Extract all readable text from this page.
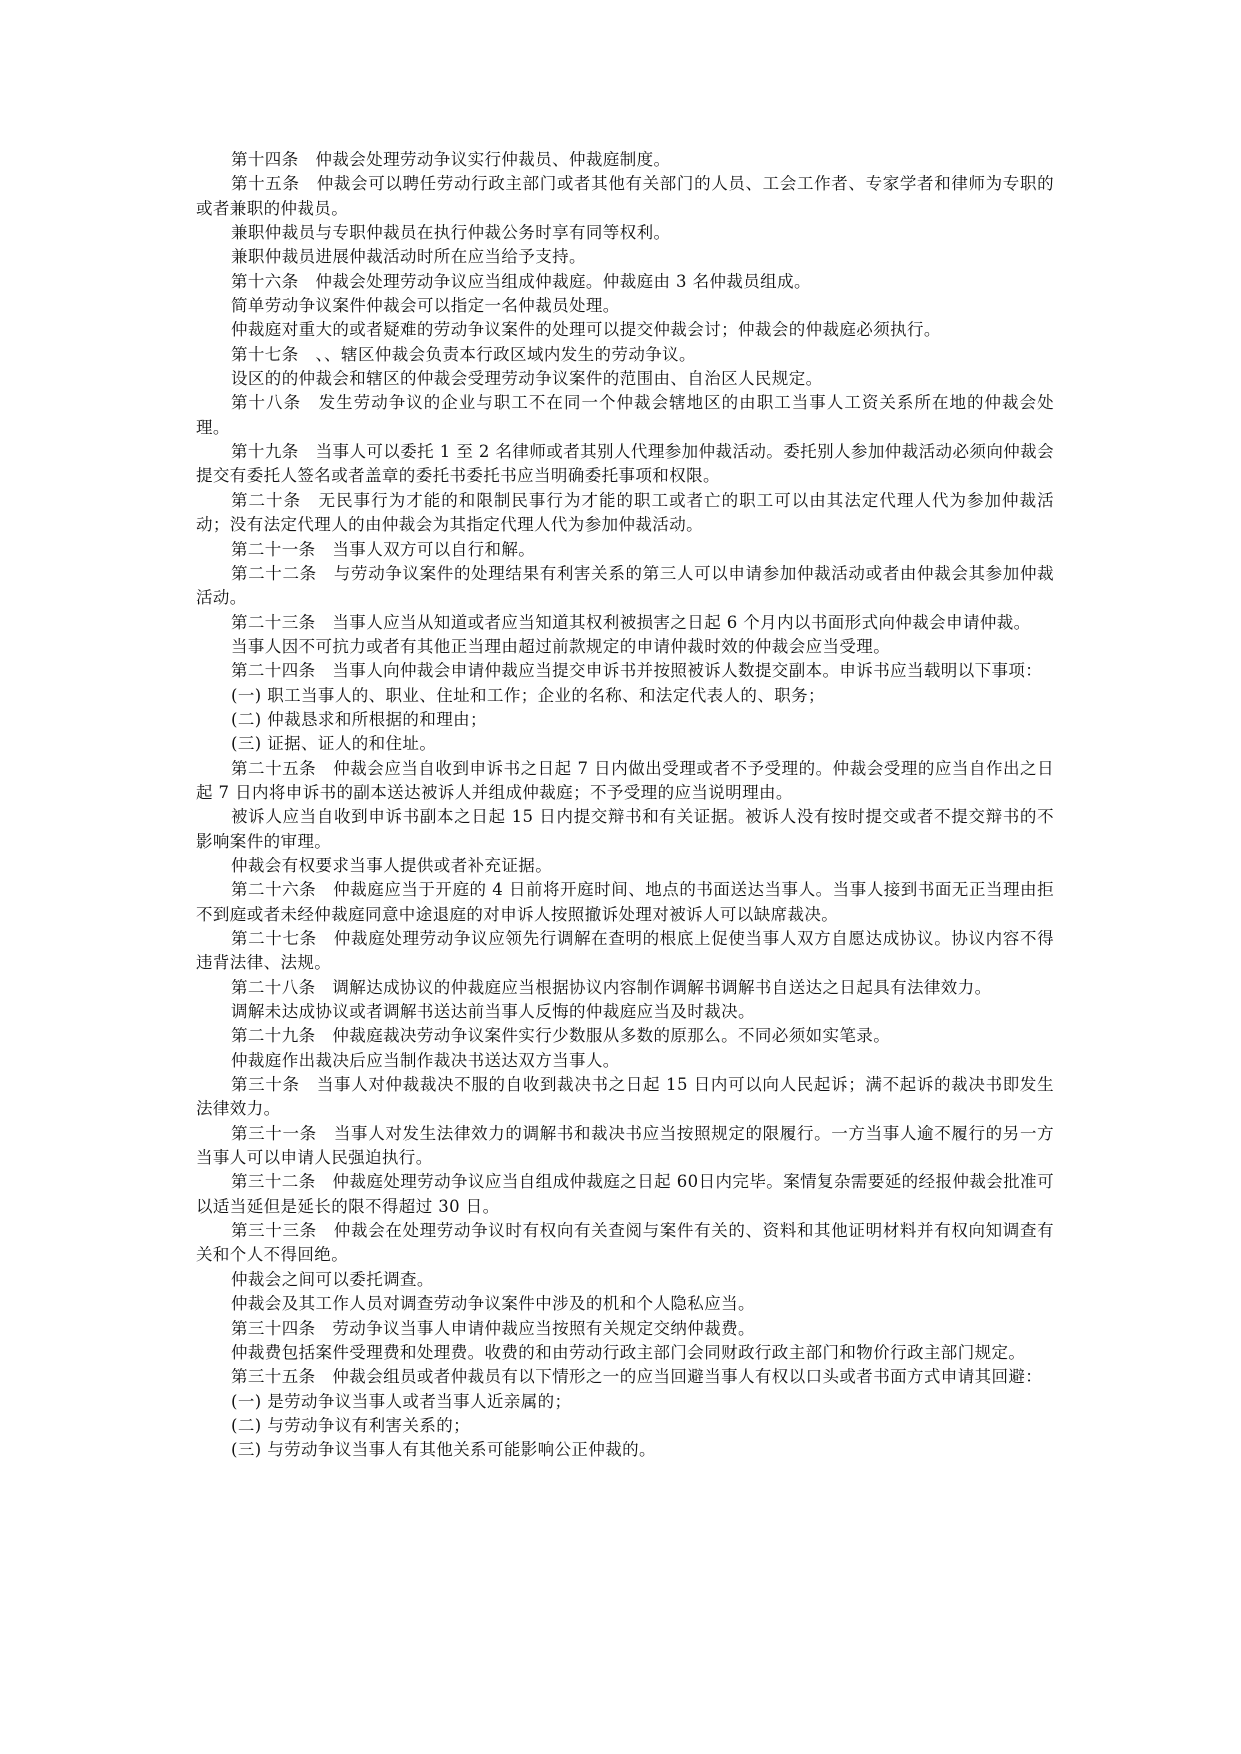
第十四条　仲裁会处理劳动争议实行仲裁员、仲裁庭制度。

第十五条　仲裁会可以聘任劳动行政主部门或者其他有关部门的人员、工会工作者、专家学者和律师为专职的或者兼职的仲裁员。

兼职仲裁员与专职仲裁员在执行仲裁公务时享有同等权利。

兼职仲裁员进展仲裁活动时所在应当给予支持。

第十六条　仲裁会处理劳动争议应当组成仲裁庭。仲裁庭由 3 名仲裁员组成。

简单劳动争议案件仲裁会可以指定一名仲裁员处理。

仲裁庭对重大的或者疑难的劳动争议案件的处理可以提交仲裁会讨；仲裁会的仲裁庭必须执行。

第十七条　、、辖区仲裁会负责本行政区域内发生的劳动争议。

设区的的仲裁会和辖区的仲裁会受理劳动争议案件的范围由、自治区人民规定。

第十八条　发生劳动争议的企业与职工不在同一个仲裁会辖地区的由职工当事人工资关系所在地的仲裁会处理。

第十九条　当事人可以委托 1 至 2 名律师或者其别人代理参加仲裁活动。委托别人参加仲裁活动必须向仲裁会提交有委托人签名或者盖章的委托书委托书应当明确委托事项和权限。

第二十条　无民事行为才能的和限制民事行为才能的职工或者亡的职工可以由其法定代理人代为参加仲裁活动；没有法定代理人的由仲裁会为其指定代理人代为参加仲裁活动。

第二十一条　当事人双方可以自行和解。

第二十二条　与劳动争议案件的处理结果有利害关系的第三人可以申请参加仲裁活动或者由仲裁会其参加仲裁活动。

第二十三条　当事人应当从知道或者应当知道其权利被损害之日起 6 个月内以书面形式向仲裁会申请仲裁。

当事人因不可抗力或者有其他正当理由超过前款规定的申请仲裁时效的仲裁会应当受理。

第二十四条　当事人向仲裁会申请仲裁应当提交申诉书并按照被诉人数提交副本。申诉书应当载明以下事项：

(一) 职工当事人的、职业、住址和工作；企业的名称、和法定代表人的、职务；

(二) 仲裁恳求和所根据的和理由；

(三) 证据、证人的和住址。

第二十五条　仲裁会应当自收到申诉书之日起 7 日内做出受理或者不予受理的。仲裁会受理的应当自作出之日起 7 日内将申诉书的副本送达被诉人并组成仲裁庭；不予受理的应当说明理由。

被诉人应当自收到申诉书副本之日起 15 日内提交辩书和有关证据。被诉人没有按时提交或者不提交辩书的不影响案件的审理。

仲裁会有权要求当事人提供或者补充证据。

第二十六条　仲裁庭应当于开庭的 4 日前将开庭时间、地点的书面送达当事人。当事人接到书面无正当理由拒不到庭或者未经仲裁庭同意中途退庭的对申诉人按照撤诉处理对被诉人可以缺席裁决。

第二十七条　仲裁庭处理劳动争议应领先行调解在查明的根底上促使当事人双方自愿达成协议。协议内容不得违背法律、法规。

第二十八条　调解达成协议的仲裁庭应当根据协议内容制作调解书调解书自送达之日起具有法律效力。

调解未达成协议或者调解书送达前当事人反悔的仲裁庭应当及时裁决。

第二十九条　仲裁庭裁决劳动争议案件实行少数服从多数的原那么。不同必须如实笔录。

仲裁庭作出裁决后应当制作裁决书送达双方当事人。

第三十条　当事人对仲裁裁决不服的自收到裁决书之日起 15 日内可以向人民起诉；满不起诉的裁决书即发生法律效力。

第三十一条　当事人对发生法律效力的调解书和裁决书应当按照规定的限履行。一方当事人逾不履行的另一方当事人可以申请人民强迫执行。

第三十二条　仲裁庭处理劳动争议应当自组成仲裁庭之日起 60日内完毕。案情复杂需要延的经报仲裁会批准可以适当延但是延长的限不得超过 30 日。

第三十三条　仲裁会在处理劳动争议时有权向有关查阅与案件有关的、资料和其他证明材料并有权向知调查有关和个人不得回绝。

仲裁会之间可以委托调查。

仲裁会及其工作人员对调查劳动争议案件中涉及的机和个人隐私应当。

第三十四条　劳动争议当事人申请仲裁应当按照有关规定交纳仲裁费。

仲裁费包括案件受理费和处理费。收费的和由劳动行政主部门会同财政行政主部门和物价行政主部门规定。

第三十五条　仲裁会组员或者仲裁员有以下情形之一的应当回避当事人有权以口头或者书面方式申请其回避：

(一) 是劳动争议当事人或者当事人近亲属的；

(二) 与劳动争议有利害关系的；

(三) 与劳动争议当事人有其他关系可能影响公正仲裁的。
